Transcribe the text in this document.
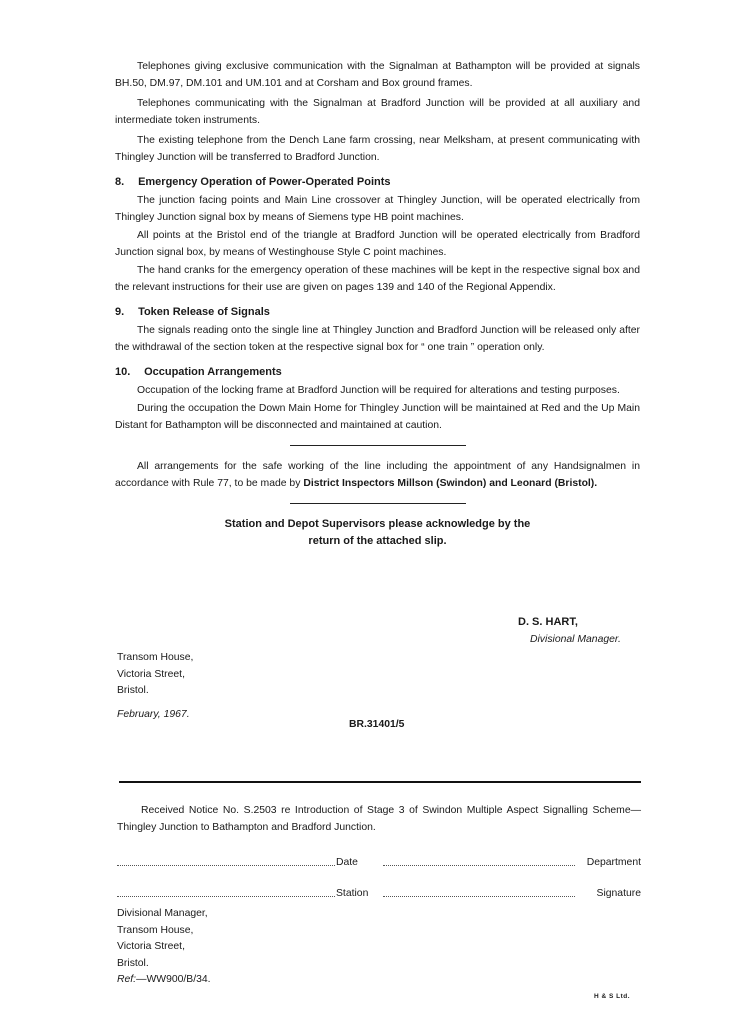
Telephones giving exclusive communication with the Signalman at Bathampton will be provided at signals BH.50, DM.97, DM.101 and UM.101 and at Corsham and Box ground frames.

Telephones communicating with the Signalman at Bradford Junction will be provided at all auxiliary and intermediate token instruments.

The existing telephone from the Dench Lane farm crossing, near Melksham, at present communicating with Thingley Junction will be transferred to Bradford Junction.

8. Emergency Operation of Power-Operated Points

The junction facing points and Main Line crossover at Thingley Junction, will be operated electrically from Thingley Junction signal box by means of Siemens type HB point machines.

All points at the Bristol end of the triangle at Bradford Junction will be operated electrically from Bradford Junction signal box, by means of Westinghouse Style C point machines.

The hand cranks for the emergency operation of these machines will be kept in the respective signal box and the relevant instructions for their use are given on pages 139 and 140 of the Regional Appendix.

9. Token Release of Signals

The signals reading onto the single line at Thingley Junction and Bradford Junction will be released only after the withdrawal of the section token at the respective signal box for “ one train ” operation only.

10. Occupation Arrangements

Occupation of the locking frame at Bradford Junction will be required for alterations and testing purposes.

During the occupation the Down Main Home for Thingley Junction will be maintained at Red and the Up Main Distant for Bathampton will be disconnected and maintained at caution.

All arrangements for the safe working of the line including the appointment of any Handsignalmen in accordance with Rule 77, to be made by District Inspectors Millson (Swindon) and Leonard (Bristol).

Station and Depot Supervisors please acknowledge by the
return of the attached slip.
D. S. HART,
Divisional Manager.
Transom House,
Victoria Street,
Bristol.
February, 1967.
BR.31401/5

Received Notice No. S.2503 re Introduction of Stage 3 of Swindon Multiple Aspect Signalling Scheme—Thingley Junction to Bathampton and Bradford Junction.

Date	Department
Station	Signature
Divisional Manager,
Transom House,
Victoria Street,
Bristol.
Ref:—WW900/B/34.
H & S Ltd.
